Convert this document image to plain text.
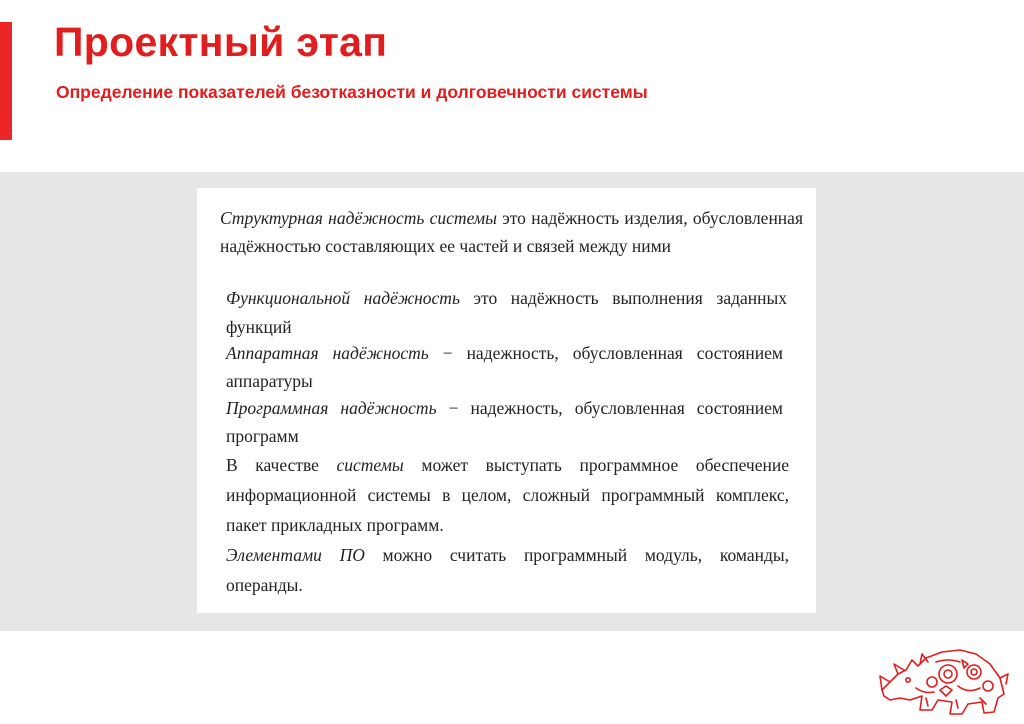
Проектный этап
Определение показателей безотказности и долговечности системы

Структурная надёжность системы это надёжность изделия, обусловленная надёжностью составляющих ее частей и связей между ними

Функциональной надёжность это надёжность выполнения заданных функций

Аппаратная надёжность − надежность, обусловленная состоянием аппаратуры

Программная надёжность − надежность, обусловленная состоянием программ

В качестве системы может выступать программное обеспечение информационной системы в целом, сложный программный комплекс, пакет прикладных программ.

Элементами ПО можно считать программный модуль, команды, операнды.
